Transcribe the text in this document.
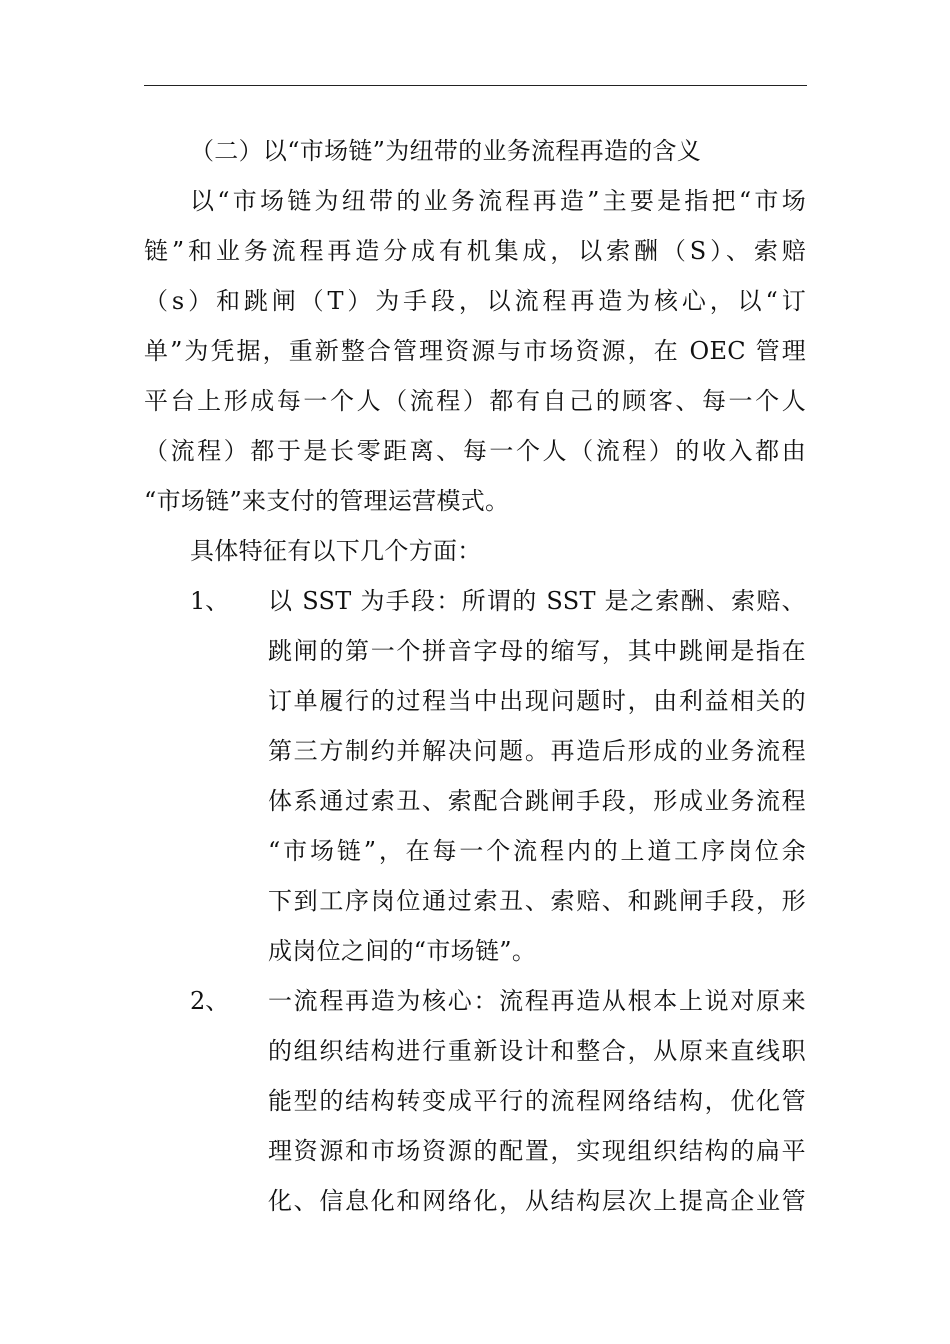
（二）以“市场链”为纽带的业务流程再造的含义
以“市场链为纽带的业务流程再造”主要是指把“市场
链”和业务流程再造分成有机集成，以索酬（S）、索赔
（s）和跳闸（T）为手段，以流程再造为核心，以“订
单”为凭据，重新整合管理资源与市场资源，在 OEC 管理
平台上形成每一个人（流程）都有自己的顾客、每一个人
（流程）都于是长零距离、每一个人（流程）的收入都由
“市场链”来支付的管理运营模式。
具体特征有以下几个方面：
1、 以 SST 为手段：所谓的 SST 是之索酬、索赔、
跳闸的第一个拼音字母的缩写，其中跳闸是指在
订单履行的过程当中出现问题时，由利益相关的
第三方制约并解决问题。再造后形成的业务流程
体系通过索丑、索配合跳闸手段，形成业务流程
“市场链”，在每一个流程内的上道工序岗位余
下到工序岗位通过索丑、索赔、和跳闸手段，形
成岗位之间的“市场链”。
2、 一流程再造为核心：流程再造从根本上说对原来
的组织结构进行重新设计和整合，从原来直线职
能型的结构转变成平行的流程网络结构，优化管
理资源和市场资源的配置，实现组织结构的扁平
化、信息化和网络化，从结构层次上提高企业管
